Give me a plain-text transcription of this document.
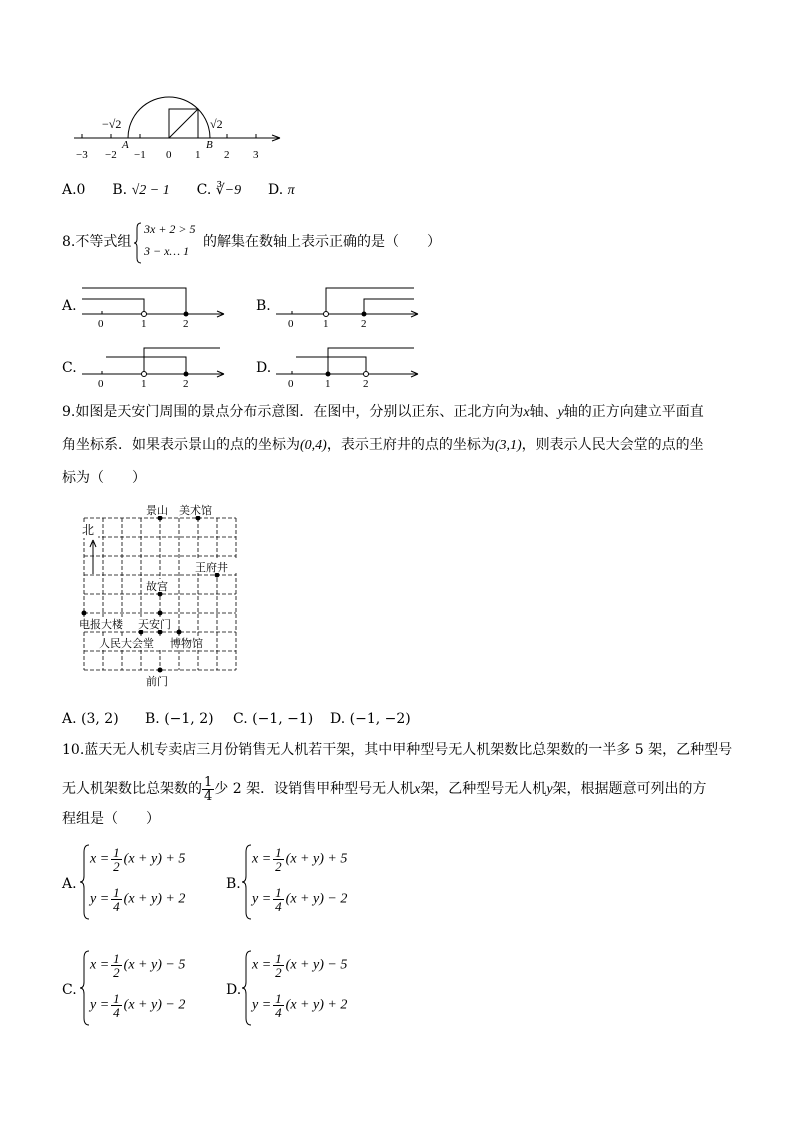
−√2	√2
A	B
−3 −2 −1 0 1 2 3
A.0 B. √2 − 1 C. ∛−9 D. π
8.不等式组
3x + 2 > 5
3 − x… 1
的解集在数轴上表示正确的是（　　）
A.
0	1	2
B.
0	1	2
C.
0	1	2
D.
0	1	2
9.如图是天安门周围的景点分布示意图．在图中，分别以正东、正北方向为x轴、y轴的正方向建立平面直
角坐标系．如果表示景山的点的坐标为(0,4)，表示王府井的点的坐标为(3,1)，则表示人民大会堂的点的坐
标为（　　）
北
景山 美术馆
王府井
故宫
电报大楼 天安门
人民大会堂 博物馆
前门
A. (3, 2) B. (−1, 2) C. (−1, −1) D. (−1, −2)
10.蓝天无人机专卖店三月份销售无人机若干架，其中甲种型号无人机架数比总架数的一半多 5 架，乙种型号
无人机架数比总架数的 $\frac{1}{4}$ 少 2 架．设销售甲种型号无人机x架，乙种型号无人机y架，根据题意可列出的方
程组是（　　）
A.
$x = \frac{1}{2} (x + y) + 5$
$y = \frac{1}{4} (x + y) + 2$
B.
$x = \frac{1}{2} (x + y) + 5$
$y = \frac{1}{4} (x + y) - 2$
C.
$x = \frac{1}{2} (x + y) - 5$
$y = \frac{1}{4} (x + y) - 2$
D.
$x = \frac{1}{2} (x + y) - 5$
$y = \frac{1}{4} (x + y) + 2$
